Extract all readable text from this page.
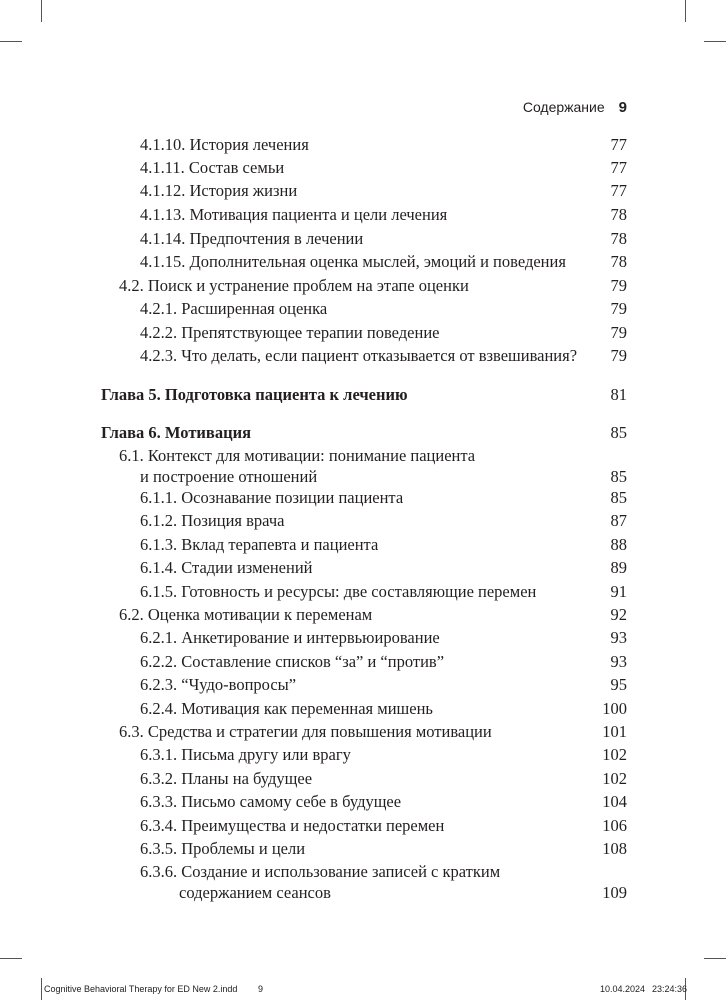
Содержание 9
4.1.10. История лечения	77
4.1.11. Состав семьи	77
4.1.12. История жизни	77
4.1.13. Мотивация пациента и цели лечения	78
4.1.14. Предпочтения в лечении	78
4.1.15. Дополнительная оценка мыслей, эмоций и поведения	78
4.2. Поиск и устранение проблем на этапе оценки	79
4.2.1. Расширенная оценка	79
4.2.2. Препятствующее терапии поведение	79
4.2.3. Что делать, если пациент отказывается от взвешивания? 79
Глава 5. Подготовка пациента к лечению	81
Глава 6. Мотивация	85
6.1. Контекст для мотивации: понимание пациента
и построение отношений	85
6.1.1. Осознавание позиции пациента	85
6.1.2. Позиция врача	87
6.1.3. Вклад терапевта и пациента	88
6.1.4. Стадии изменений	89
6.1.5. Готовность и ресурсы: две составляющие перемен	91
6.2. Оценка мотивации к переменам	92
6.2.1. Анкетирование и интервьюирование	93
6.2.2. Составление списков “за” и “против”	93
6.2.3. “Чудо-вопросы”	95
6.2.4. Мотивация как переменная мишень	100
6.3. Средства и стратегии для повышения мотивации	101
6.3.1. Письма другу или врагу	102
6.3.2. Планы на будущее	102
6.3.3. Письмо самому себе в будущее	104
6.3.4. Преимущества и недостатки перемен	106
6.3.5. Проблемы и цели	108
6.3.6. Создание и использование записей с кратким
содержанием сеансов	109
Cognitive Behavioral Therapy for ED New 2.indd 9	10.04.2024 23:24:36
